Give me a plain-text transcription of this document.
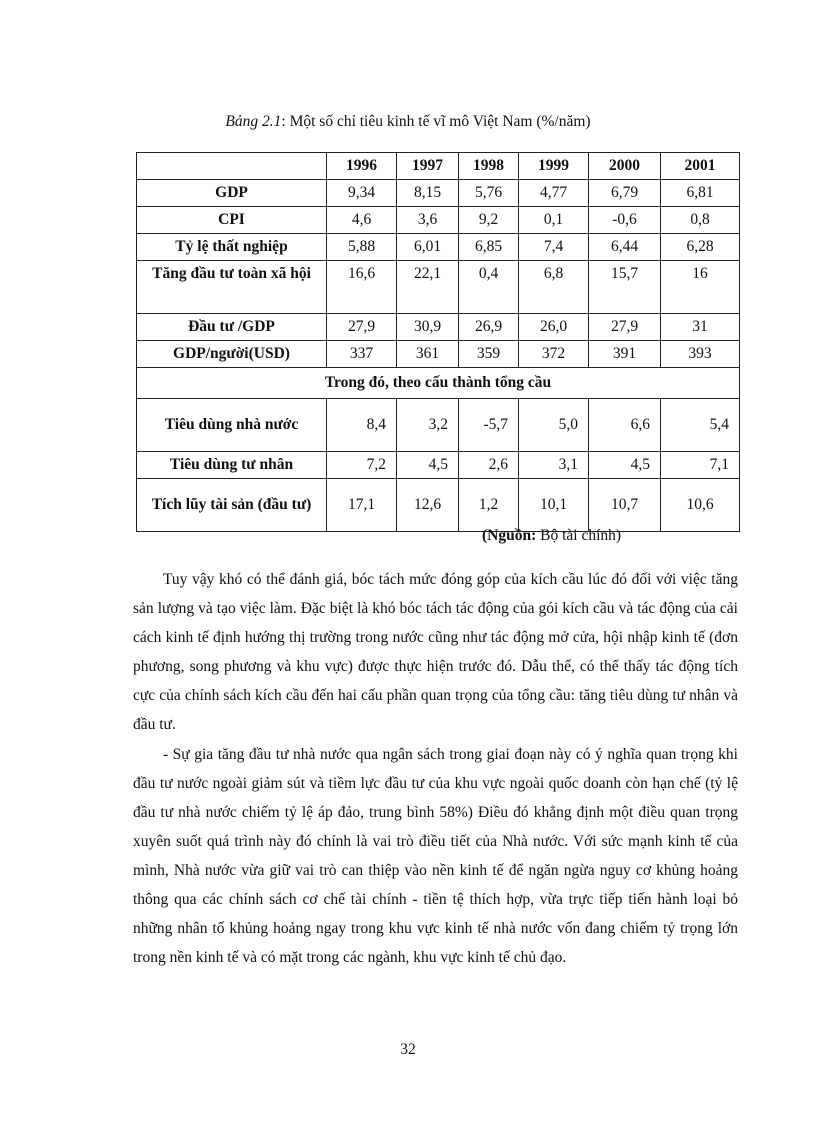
Bảng 2.1: Một số chỉ tiêu kinh tế vĩ mô Việt Nam (%/năm)
	1996	1997	1998	1999	2000	2001
GDP	9,34	8,15	5,76	4,77	6,79	6,81
CPI	4,6	3,6	9,2	0,1	-0,6	0,8
Tỷ lệ thất nghiệp	5,88	6,01	6,85	7,4	6,44	6,28
Tăng đầu tư toàn xã hội	16,6	22,1	0,4	6,8	15,7	16
Đầu tư /GDP	27,9	30,9	26,9	26,0	27,9	31
GDP/người(USD)	337	361	359	372	391	393
Trong đó, theo cấu thành tổng cầu						
Tiêu dùng nhà nước	8,4	3,2	-5,7	5,0	6,6	5,4
Tiêu dùng tư nhân	7,2	4,5	2,6	3,1	4,5	7,1
Tích lũy tài sản (đầu tư)	17,1	12,6	1,2	10,1	10,7	10,6
(Nguồn: Bộ tài chính)

Tuy vậy khó có thể đánh giá, bóc tách mức đóng góp của kích cầu lúc đó đối với việc tăng sản lượng và tạo việc làm. Đặc biệt là khó bóc tách tác động của gói kích cầu và tác động của cải cách kinh tế định hướng thị trường trong nước cũng như tác động mở cửa, hội nhập kinh tế (đơn phương, song phương và khu vực) được thực hiện trước đó. Dẫu thế, có thể thấy tác động tích cực của chính sách kích cầu đến hai cấu phần quan trọng của tổng cầu: tăng tiêu dùng tư nhân và đầu tư.

- Sự gia tăng đầu tư nhà nước qua ngân sách trong giai đoạn này có ý nghĩa quan trọng khi đầu tư nước ngoài giảm sút và tiềm lực đầu tư của khu vực ngoài quốc doanh còn hạn chế (tỷ lệ đầu tư nhà nước chiếm tỷ lệ áp đảo, trung bình 58%) Điều đó khẳng định một điều quan trọng xuyên suốt quá trình này đó chính là vai trò điều tiết của Nhà nước. Với sức mạnh kinh tế của mình, Nhà nước vừa giữ vai trò can thiệp vào nền kinh tế để ngăn ngừa nguy cơ khủng hoảng thông qua các chính sách cơ chế tài chính - tiền tệ thích hợp, vừa trực tiếp tiến hành loại bỏ những nhân tố khủng hoảng ngay trong khu vực kinh tế nhà nước vốn đang chiếm tỷ trọng lớn trong nền kinh tế và có mặt trong các ngành, khu vực kinh tế chủ đạo.

32
